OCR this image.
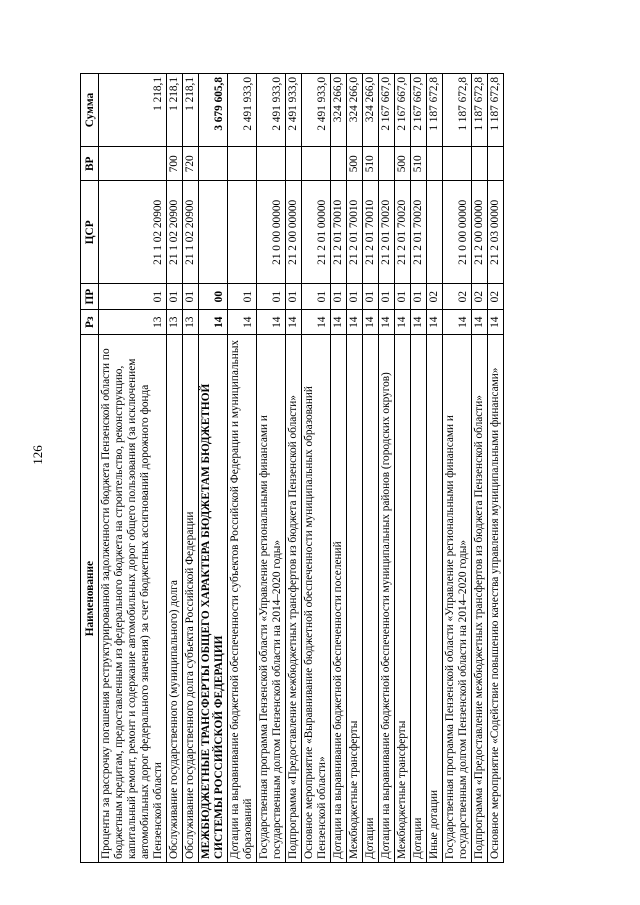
126
Наименование	Рз	ПР	ЦСР	ВР	Сумма
Проценты за рассрочку погашения реструктурированной задолженности бюджета Пензенской области по бюджетным кредитам, предоставленным из федерального бюджета на строительство, реконструкцию, капитальный ремонт, ремонт и содержание автомобильных дорог общего пользования (за исключением автомобильных дорог федерального значения) за счет бюджетных ассигнований дорожного фонда Пензенской области	13	01	21 1 02 20900		1 218,1
Обслуживание государственного (муниципального) долга	13	01	21 1 02 20900	700	1 218,1
Обслуживание государственного долга субъекта Российской Федерации	13	01	21 1 02 20900	720	1 218,1
МЕЖБЮДЖЕТНЫЕ ТРАНСФЕРТЫ ОБЩЕГО ХАРАКТЕРА БЮДЖЕТАМ БЮДЖЕТНОЙ СИСТЕМЫ РОССИЙСКОЙ ФЕДЕРАЦИИ	14	00			3 679 605,8
Дотации на выравнивание бюджетной обеспеченности субъектов Российской Федерации и муниципальных образований	14	01			2 491 933,0
Государственная программа Пензенской области «Управление региональными финансами и государственным долгом Пензенской области на 2014–2020 годы»	14	01	21 0 00 00000		2 491 933,0
Подпрограмма «Предоставление межбюджетных трансфертов из бюджета Пензенской области»	14	01	21 2 00 00000		2 491 933,0
Основное мероприятие «Выравнивание бюджетной обеспеченности муниципальных образований Пензенской области»	14	01	21 2 01 00000		2 491 933,0
Дотации на выравнивание бюджетной обеспеченности поселений	14	01	21 2 01 70010		324 266,0
Межбюджетные трансферты	14	01	21 2 01 70010	500	324 266,0
Дотации	14	01	21 2 01 70010	510	324 266,0
Дотации на выравнивание бюджетной обеспеченности муниципальных районов (городских округов)	14	01	21 2 01 70020		2 167 667,0
Межбюджетные трансферты	14	01	21 2 01 70020	500	2 167 667,0
Дотации	14	01	21 2 01 70020	510	2 167 667,0
Иные дотации	14	02			1 187 672,8
Государственная программа Пензенской области «Управление региональными финансами и государственным долгом Пензенской области на 2014–2020 годы»	14	02	21 0 00 00000		1 187 672,8
Подпрограмма «Предоставление межбюджетных трансфертов из бюджета Пензенской области»	14	02	21 2 00 00000		1 187 672,8
Основное мероприятие «Содействие повышению качества управления муниципальными финансами»	14	02	21 2 03 00000		1 187 672,8
